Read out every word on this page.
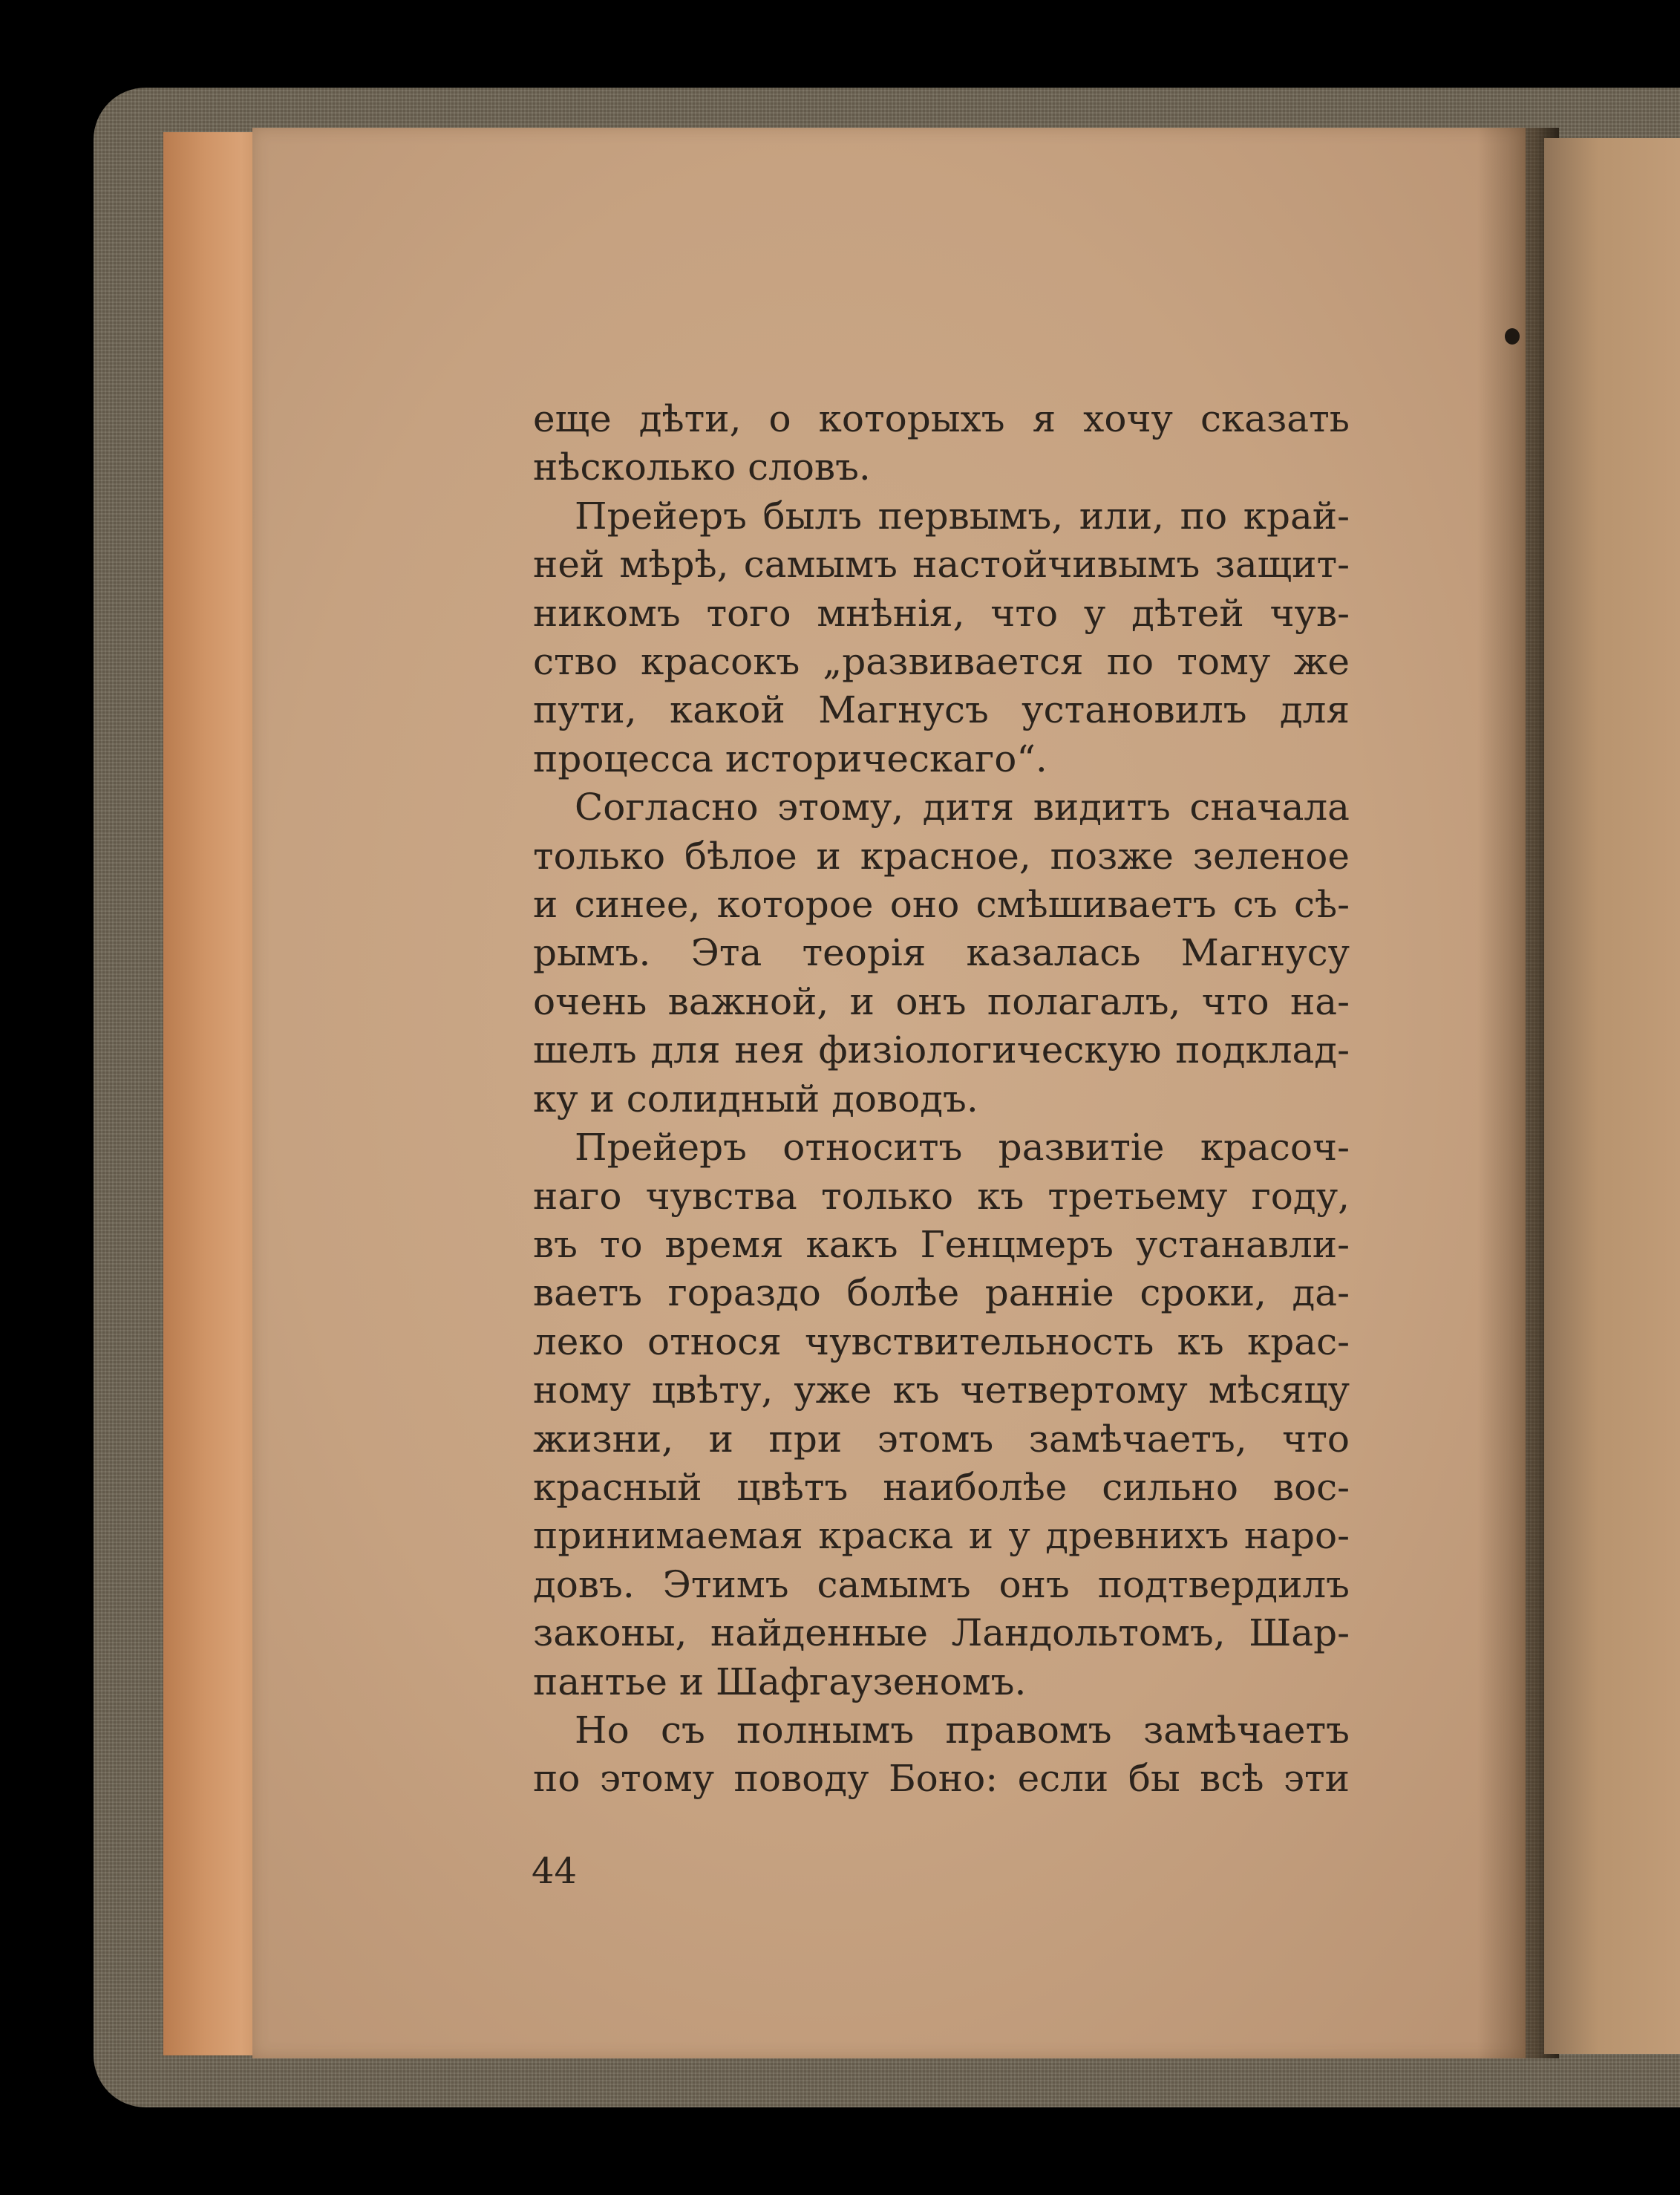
еще дѣти, о которыхъ я хочу сказать
нѣсколько словъ.
Прейеръ былъ первымъ, или, по край-
ней мѣрѣ, самымъ настойчивымъ защит-
никомъ того мнѣнія, что у дѣтей чув-
ство красокъ „развивается по тому же
пути, какой Магнусъ установилъ для
процесса историческаго“.
Согласно этому, дитя видитъ сначала
только бѣлое и красное, позже зеленое
и синее, которое оно смѣшиваетъ съ сѣ-
рымъ. Эта теорія казалась Магнусу
очень важной, и онъ полагалъ, что на-
шелъ для нея физіологическую подклад-
ку и солидный доводъ.
Прейеръ относитъ развитіе красоч-
наго чувства только къ третьему году,
въ то время какъ Генцмеръ устанавли-
ваетъ гораздо болѣе ранніе сроки, да-
леко относя чувствительность къ крас-
ному цвѣту, уже къ четвертому мѣсяцу
жизни, и при этомъ замѣчаетъ, что
красный цвѣтъ наиболѣе сильно вос-
принимаемая краска и у древнихъ наро-
довъ. Этимъ самымъ онъ подтвердилъ
законы, найденные Ландольтомъ, Шар-
пантье и Шафгаузеномъ.
Но съ полнымъ правомъ замѣчаетъ
по этому поводу Боно: если бы всѣ эти
44
